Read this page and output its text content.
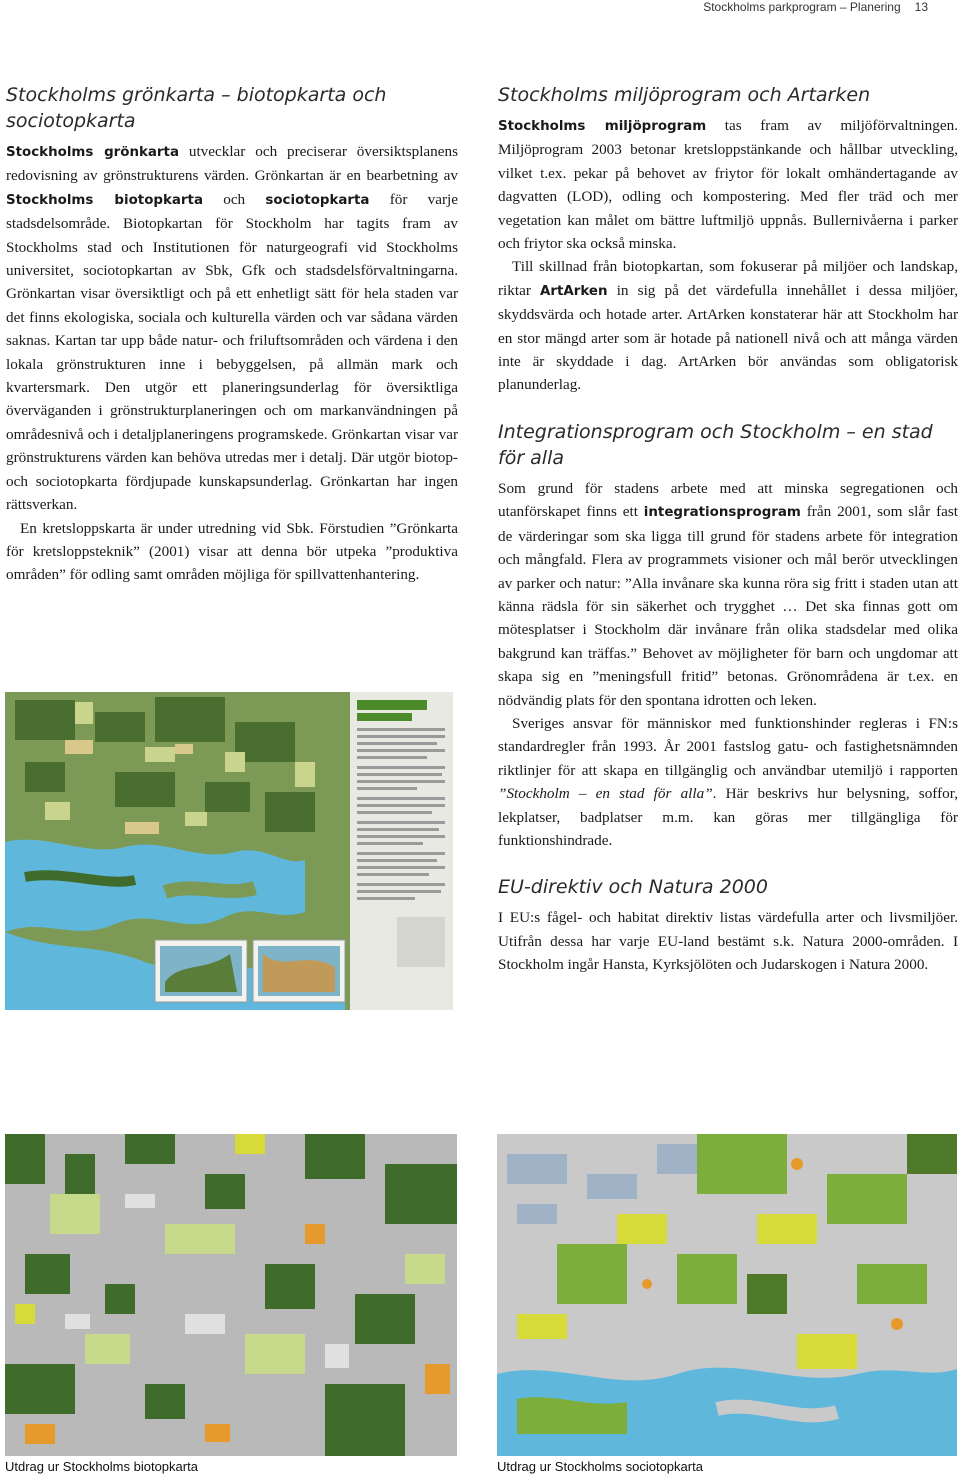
Stockholms parkprogram – Planering 13
Stockholms grönkarta – biotopkarta och sociotopkarta

Stockholms grönkarta utvecklar och preciserar översiktsplanens redovisning av grönstrukturens värden. Grönkartan är en bearbetning av Stockholms biotopkarta och sociotopkarta för varje stadsdelsområde. Biotopkartan för Stockholm har tagits fram av Stockholms stad och Institutionen för naturgeografi vid Stockholms universitet, sociotopkartan av Sbk, Gfk och stadsdelsförvaltningarna. Grönkartan visar översiktligt och på ett enhetligt sätt för hela staden var det finns ekologiska, sociala och kulturella värden och var sådana värden saknas. Kartan tar upp både natur- och friluftsområden och värdena i den lokala grönstrukturen inne i bebyggelsen, på allmän mark och kvartersmark. Den utgör ett planeringsunderlag för översiktliga överväganden i grönstrukturplaneringen och om markanvändningen på områdesnivå och i detaljplaneringens programskede. Grönkartan visar var grönstrukturens värden kan behöva utredas mer i detalj. Där utgör biotop- och sociotopkarta fördjupade kunskapsunderlag. Grönkartan har ingen rättsverkan.

En kretsloppskarta är under utredning vid Sbk. Förstudien ”Grönkarta för kretsloppsteknik” (2001) visar att denna bör utpeka ”produktiva områden” för odling samt områden möjliga för spillvattenhantering.

Stockholms miljöprogram och Artarken

Stockholms miljöprogram tas fram av miljöförvaltningen. Miljöprogram 2003 betonar kretsloppstänkande och hållbar utveckling, vilket t.ex. pekar på behovet av friytor för lokalt omhändertagande av dagvatten (LOD), odling och kompostering. Med fler träd och mer vegetation kan målet om bättre luftmiljö uppnås. Bullernivåerna i parker och friytor ska också minska.

Till skillnad från biotopkartan, som fokuserar på miljöer och landskap, riktar ArtArken in sig på det värdefulla innehållet i dessa miljöer, skyddsvärda och hotade arter. ArtArken konstaterar här att Stockholm har en stor mängd arter som är hotade på nationell nivå och att många värden inte är skyddade i dag. ArtArken bör användas som obligatorisk planunderlag.

Integrationsprogram och Stockholm – en stad för alla

Som grund för stadens arbete med att minska segregationen och utanförskapet finns ett integrationsprogram från 2001, som slår fast de värderingar som ska ligga till grund för stadens arbete för integration och mångfald. Flera av programmets visioner och mål berör utvecklingen av parker och natur: ”Alla invånare ska kunna röra sig fritt i staden utan att känna rädsla för sin säkerhet och trygghet … Det ska finnas gott om mötesplatser i Stockholm där invånare från olika stadsdelar med olika bakgrund kan träffas.” Behovet av möjligheter för barn och ungdomar att skapa sig en ”meningsfull fritid” betonas. Grönområdena är t.ex. en nödvändig plats för den spontana idrotten och leken.

Sveriges ansvar för människor med funktionshinder regleras i FN:s standardregler från 1993. År 2001 fastslog gatu- och fastighetsnämnden riktlinjer för att skapa en tillgänglig och användbar utemiljö i rapporten ”Stockholm – en stad för alla”. Här beskrivs hur belysning, soffor, lekplatser, badplatser m.m. kan göras mer tillgängliga för funktionshindrade.

EU-direktiv och Natura 2000

I EU:s fågel- och habitat direktiv listas värdefulla arter och livsmiljöer. Utifrån dessa har varje EU-land bestämt s.k. Natura 2000-områden. I Stockholm ingår Hansta, Kyrksjölöten och Judarskogen i Natura 2000.

Utdrag ur Stockholms biotopkarta	Utdrag ur Stockholms sociotopkarta
